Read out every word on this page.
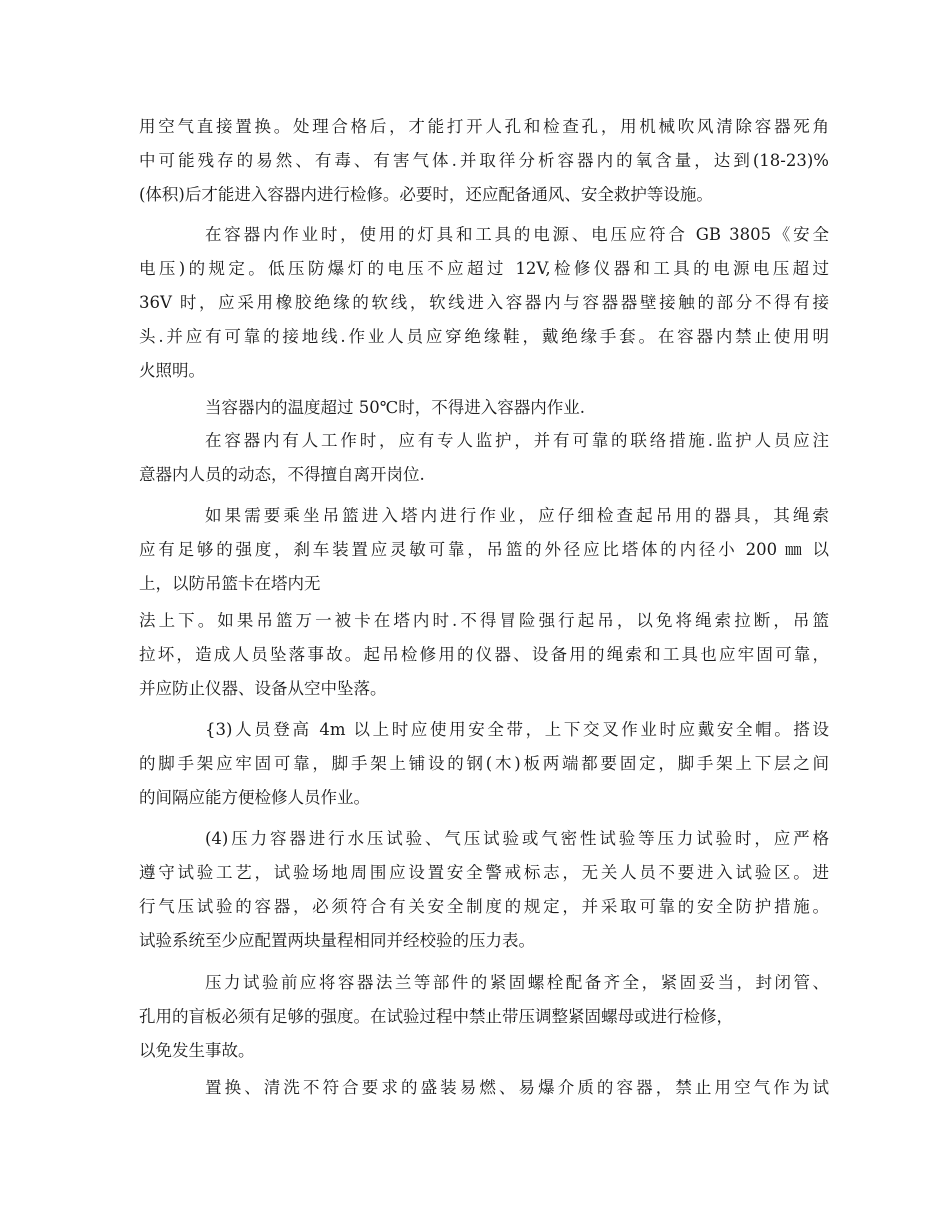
用空气直接置换。处理合格后，才能打开人孔和检查孔，用机械吹风清除容器死角
中可能残存的易然、有毒、有害气体.并取徉分析容器内的氧含量，达到(18-23)%
(体积)后才能进入容器内进行检修。必要时，还应配备通风、安全救护等设施。
在容器内作业时，使用的灯具和工具的电源、电压应符合 GB 3805《安全
电压)的规定。低压防爆灯的电压不应超过 12V,检修仪器和工具的电源电压超过
36V 时，应采用橡胶绝缘的软线，软线进入容器内与容器器壁接触的部分不得有接
头.并应有可靠的接地线.作业人员应穿绝缘鞋，戴绝缘手套。在容器内禁止使用明
火照明。
当容器内的温度超过 50℃时，不得进入容器内作业.
在容器内有人工作时，应有专人监护，并有可靠的联络措施.监护人员应注
意器内人员的动态，不得擅自离开岗位.
如果需要乘坐吊篮进入塔内进行作业，应仔细检查起吊用的器具，其绳索
应有足够的强度，刹车装置应灵敏可靠，吊篮的外径应比塔体的内径小 200 ㎜ 以
上，以防吊篮卡在塔内无
法上下。如果吊篮万一被卡在塔内时.不得冒险强行起吊，以免将绳索拉断，吊篮
拉坏，造成人员坠落事故。起吊检修用的仪器、设备用的绳索和工具也应牢固可靠，
并应防止仪器、设备从空中坠落。
{3)人员登高 4m 以上时应使用安全带，上下交叉作业时应戴安全帽。搭设
的脚手架应牢固可靠，脚手架上铺设的钢(木)板两端都要固定，脚手架上下层之间
的间隔应能方便检修人员作业。
(4)压力容器进行水压试验、气压试验或气密性试验等压力试验时，应严格
遵守试验工艺，试验场地周围应设置安全警戒标志，无关人员不要进入试验区。进
行气压试验的容器，必须符合有关安全制度的规定，并采取可靠的安全防护措施。
试验系统至少应配置两块量程相同并经校验的压力表。
压力试验前应将容器法兰等部件的紧固螺栓配备齐全，紧固妥当，封闭管、
孔用的盲板必须有足够的强度。在试验过程中禁止带压调整紧固螺母或进行检修，
以免发生事故。
置换、清洗不符合要求的盛装易燃、易爆介质的容器，禁止用空气作为试
